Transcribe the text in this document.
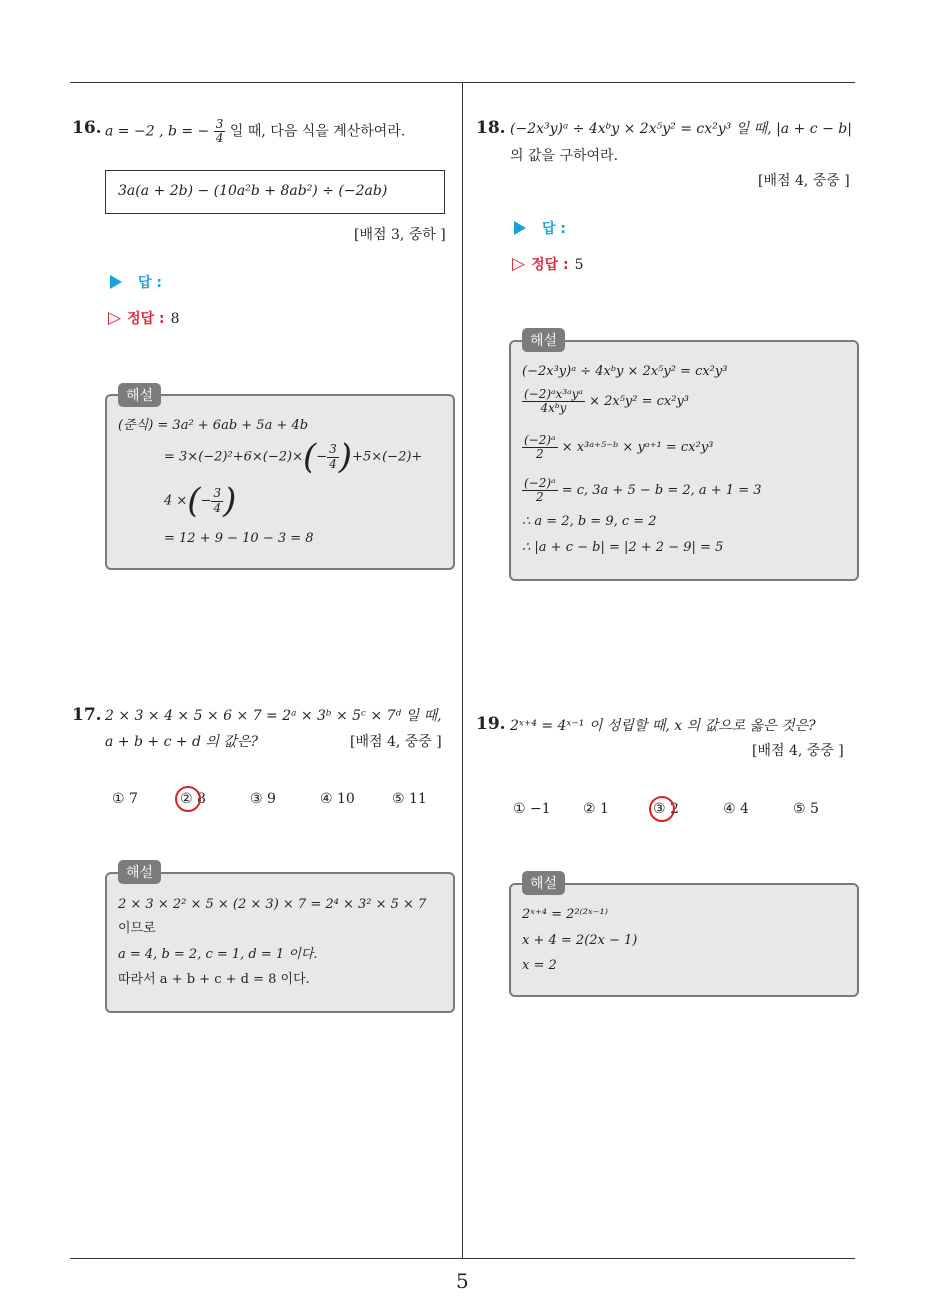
5
16. a = −2 , b = − $\frac{3}{4}$ 일 때, 다음 식을 계산하여라.
3a(a + 2b) − (10a²b + 8ab²) ÷ (−2ab)
[배점 3, 중하 ]
답 :
▷ 정답 : 8
해설
(준식) = 3a² + 6ab + 5a + 4b
= $3\times(-2)^2+6\times(-2)\times(- \frac{3}{4} )+5\times(-2)+$
4 ×(− $\frac{3}{4}$ )
= 12 + 9 − 10 − 3 = 8
17. 2 × 3 × 4 × 5 × 6 × 7 = 2ᵃ × 3ᵇ × 5ᶜ × 7ᵈ 일 때,
a + b + c + d 의 값은?	[배점 4, 중중 ]
① 7	② 8	③ 9	④ 10	⑤ 11
해설
2 × 3 × 2² × 5 × (2 × 3) × 7 = 2⁴ × 3² × 5 × 7
이므로
a = 4, b = 2, c = 1, d = 1 이다.
따라서 a + b + c + d = 8 이다.
18. (−2x³y)ᵃ ÷ 4xᵇy × 2x⁵y² = cx²y³ 일 때, |a + c − b|
의 값을 구하여라.
[배점 4, 중중 ]
답 :
▷ 정답 : 5
해설
(−2x³y)ᵃ ÷ 4xᵇy × 2x⁵y² = cx²y³
$\frac{\text{(−2)ᵃx³ᵃyᵃ}}{\text{4xᵇy}} \times 2x^5y^2 = cx^2y^3$
$\frac{\text{(−2)ᵃ}}{2}$ × x³ᵃ⁺⁵⁻ᵇ × yᵃ⁺¹ = cx²y³
$\frac{\text{(−2)ᵃ}}{2} = c$, 3a + 5 − b = 2, a + 1 = 3
∴ a = 2, b = 9, c = 2
∴ |a + c − b| = |2 + 2 − 9| = 5
19. 2ˣ⁺⁴ = 4ˣ⁻¹ 이 성립할 때, x 의 값으로 옳은 것은?
[배점 4, 중중 ]
① −1 ② 1	③ 2	④ 4	⑤ 5
해설
2ˣ⁺⁴ = 2²⁽²ˣ⁻¹⁾
x + 4 = 2(2x − 1)
x = 2
